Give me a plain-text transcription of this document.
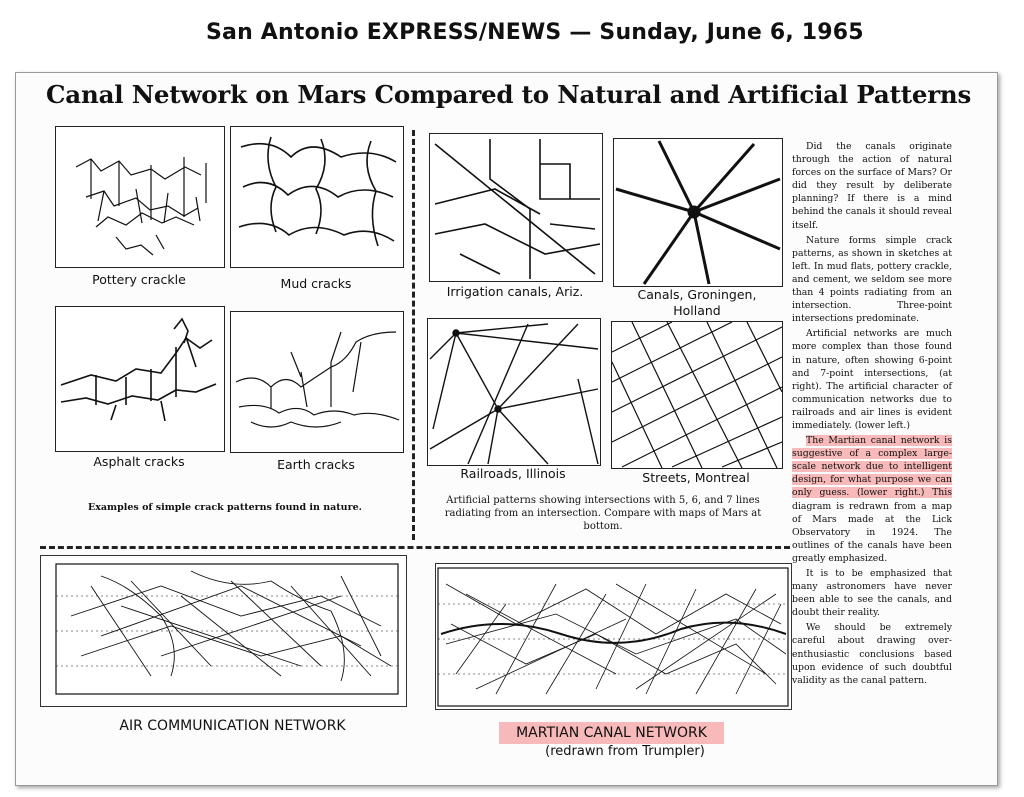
San Antonio EXPRESS/NEWS — Sunday, June 6, 1965
Canal Network on Mars Compared to Natural and Artificial Patterns
Pottery crackle	Mud cracks
Asphalt cracks	Earth cracks
Examples of simple crack patterns found in nature.
Irrigation canals, Ariz.	Canals, Groningen,
Holland
Railroads, Illinois	Streets, Montreal
Artificial patterns showing intersections with 5, 6, and 7 lines radiating from an intersection. Compare with maps of Mars at bottom.
AIR COMMUNICATION NETWORK	MARTIAN CANAL NETWORK
(redrawn from Trumpler)

Did the canals originate through the action of natural forces on the surface of Mars? Or did they result by deliberate planning? If there is a mind behind the canals it should reveal itself.

Nature forms simple crack patterns, as shown in sketches at left. In mud flats, pottery crackle, and cement, we seldom see more than 4 points radiating from an intersection. Three-point intersections predominate.

Artificial networks are much more complex than those found in nature, often showing 6-point and 7-point intersections, (at right). The artificial character of communication networks due to railroads and air lines is evident immediately. (lower left.)

The Martian canal network is suggestive of a complex large-scale network due to intelligent design, for what purpose we can only guess. (lower right.) This diagram is redrawn from a map of Mars made at the Lick Observatory in 1924. The outlines of the canals have been greatly emphasized.

It is to be emphasized that many astronomers have never been able to see the canals, and doubt their reality.

We should be extremely careful about drawing over-enthusiastic conclusions based upon evidence of such doubtful validity as the canal pattern.
